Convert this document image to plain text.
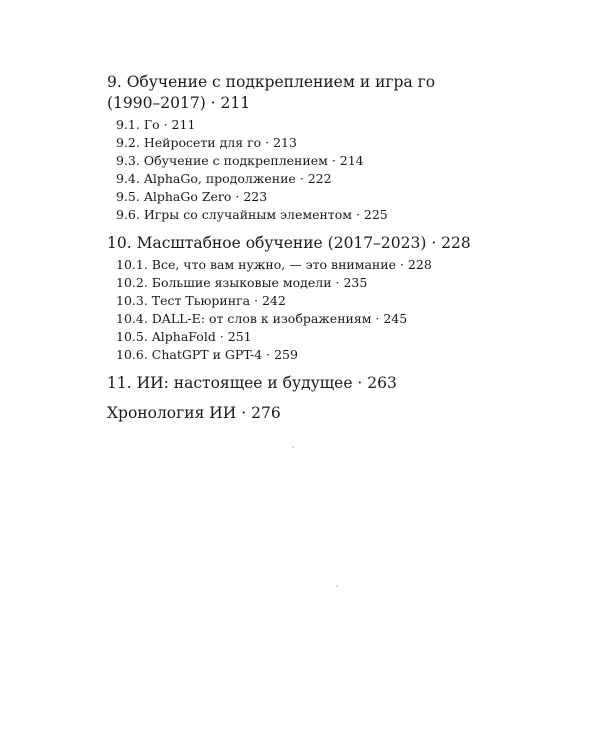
9. Обучение с подкреплением и игра го

(1990–2017) · 211

9.1. Го · 211
9.2. Нейросети для го · 213
9.3. Обучение с подкреплением · 214
9.4. AlphaGo, продолжение · 222
9.5. AlphaGo Zero · 223
9.6. Игры со случайным элементом · 225

10. Масштабное обучение (2017–2023) · 228

10.1. Все, что вам нужно, — это внимание · 228
10.2. Большие языковые модели · 235
10.3. Тест Тьюринга · 242
10.4. DALL-E: от слов к изображениям · 245
10.5. AlphaFold · 251
10.6. ChatGPT и GPT-4 · 259

11. ИИ: настоящее и будущее · 263

Хронология ИИ · 276
